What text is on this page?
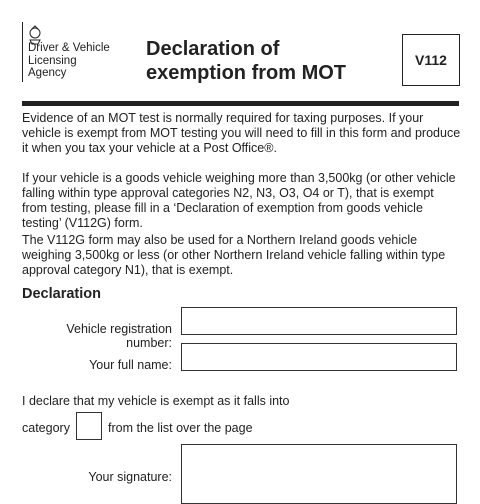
Driver & Vehicle
Licensing
Agency
Declaration of
exemption from MOT
V112

Evidence of an MOT test is normally required for taxing purposes. If your vehicle is exempt from MOT testing you will need to fill in this form and produce it when you tax your vehicle at a Post Office®.

If your vehicle is a goods vehicle weighing more than 3,500kg (or other vehicle falling within type approval categories N2, N3, O3, O4 or T), that is exempt from testing, please fill in a ‘Declaration of exemption from goods vehicle testing’ (V112G) form.

The V112G form may also be used for a Northern Ireland goods vehicle weighing 3,500kg or less (or other Northern Ireland vehicle falling within type approval category N1), that is exempt.

Declaration
Vehicle registration number:
Your full name:
I declare that my vehicle is exempt as it falls into
category	from the list over the page
Your signature:
